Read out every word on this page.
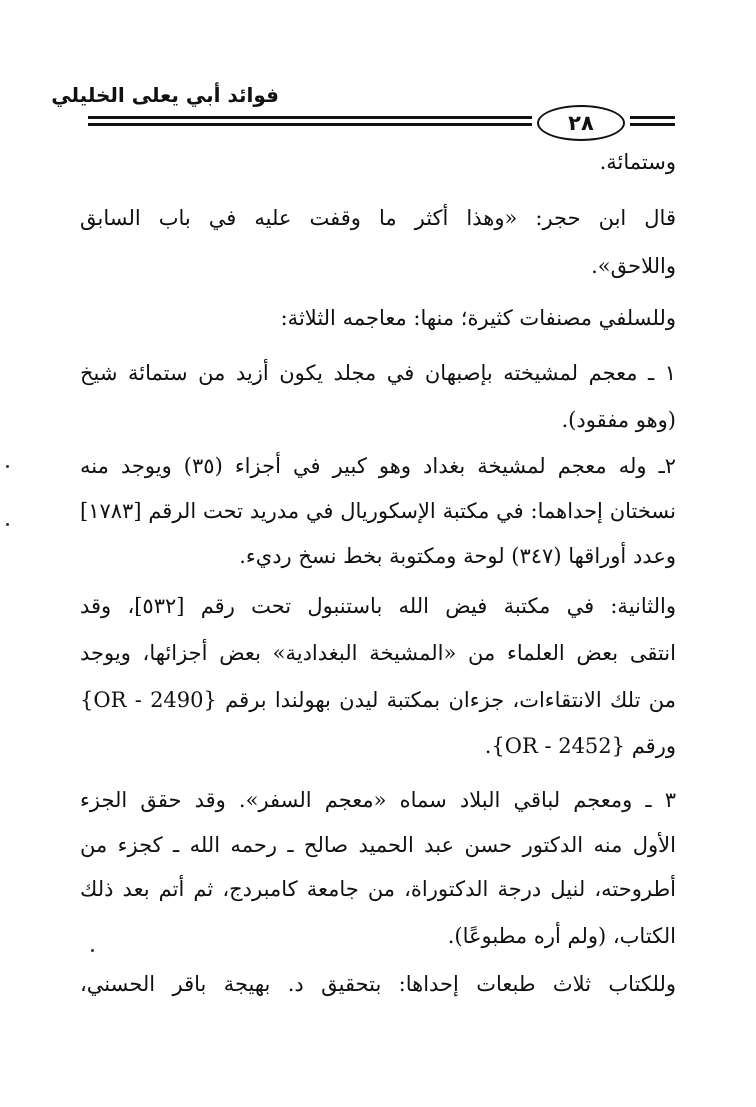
فوائد أبي يعلى الخليلي
٢٨
وستمائة.
قال ابن حجر: «وهذا أكثر ما وقفت عليه في باب السابق
واللاحق».
وللسلفي مصنفات كثيرة؛ منها: معاجمه الثلاثة:
١ ـ معجم لمشيخته بإصبهان في مجلد يكون أزيد من ستمائة شيخ
(وهو مفقود).
٢ـ وله معجم لمشيخة بغداد وهو كبير في أجزاء (٣٥) ويوجد منه
نسختان إحداهما: في مكتبة الإسكوريال في مدريد تحت الرقم [١٧٨٣]
وعدد أوراقها (٣٤٧) لوحة ومكتوبة بخط نسخ رديء.
والثانية: في مكتبة فيض الله باستنبول تحت رقم [٥٣٢]، وقد
انتقى بعض العلماء من «المشيخة البغدادية» بعض أجزائها، ويوجد
من تلك الانتقاءات، جزءان بمكتبة ليدن بهولندا برقم {OR - 2490}
ورقم {OR - 2452}.
٣ ـ ومعجم لباقي البلاد سماه «معجم السفر». وقد حقق الجزء
الأول منه الدكتور حسن عبد الحميد صالح ـ رحمه الله ـ كجزء من
أطروحته، لنيل درجة الدكتوراة، من جامعة كامبردج، ثم أتم بعد ذلك
الكتاب، (ولم أره مطبوعًا).
وللكتاب ثلاث طبعات إحداها: بتحقيق د. بهيجة باقر الحسني،
